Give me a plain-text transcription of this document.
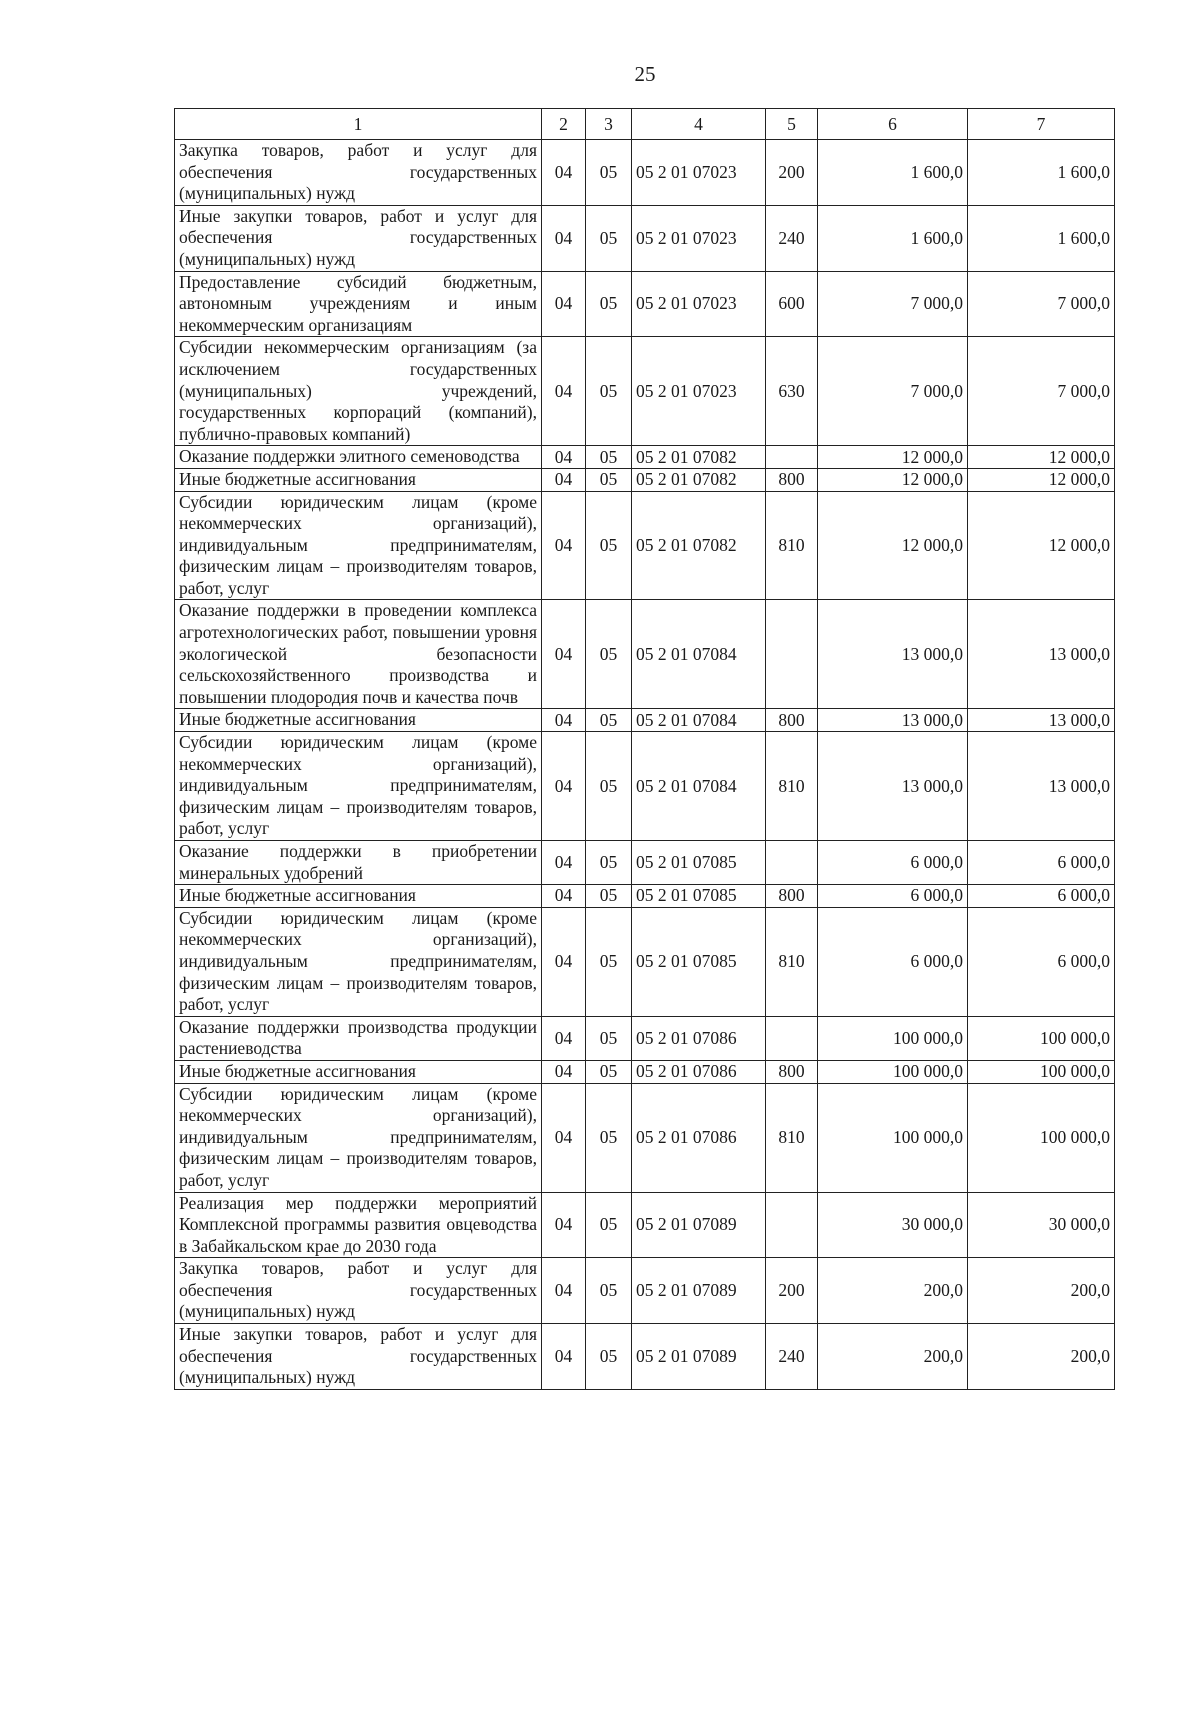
25
1	2	3	4	5	6	7
Закупка товаров, работ и услуг для обеспечения государственных (муниципальных) нужд	04	05	05 2 01 07023	200	1 600,0	1 600,0
Иные закупки товаров, работ и услуг для обеспечения государственных (муниципальных) нужд	04	05	05 2 01 07023	240	1 600,0	1 600,0
Предоставление субсидий бюджетным, автономным учреждениям и иным некоммерческим организациям	04	05	05 2 01 07023	600	7 000,0	7 000,0
Субсидии некоммерческим организациям (за исключением государственных (муниципальных) учреждений, государственных корпораций (компаний), публично-правовых компаний)	04	05	05 2 01 07023	630	7 000,0	7 000,0
Оказание поддержки элитного семеноводства	04	05	05 2 01 07082		12 000,0	12 000,0
Иные бюджетные ассигнования	04	05	05 2 01 07082	800	12 000,0	12 000,0
Субсидии юридическим лицам (кроме некоммерческих организаций), индивидуальным предпринимателям, физическим лицам – производителям товаров, работ, услуг	04	05	05 2 01 07082	810	12 000,0	12 000,0
Оказание поддержки в проведении комплекса агротехнологических работ, повышении уровня экологической безопасности сельскохозяйственного производства и повышении плодородия почв и качества почв	04	05	05 2 01 07084		13 000,0	13 000,0
Иные бюджетные ассигнования	04	05	05 2 01 07084	800	13 000,0	13 000,0
Субсидии юридическим лицам (кроме некоммерческих организаций), индивидуальным предпринимателям, физическим лицам – производителям товаров, работ, услуг	04	05	05 2 01 07084	810	13 000,0	13 000,0
Оказание поддержки в приобретении минеральных удобрений	04	05	05 2 01 07085		6 000,0	6 000,0
Иные бюджетные ассигнования	04	05	05 2 01 07085	800	6 000,0	6 000,0
Субсидии юридическим лицам (кроме некоммерческих организаций), индивидуальным предпринимателям, физическим лицам – производителям товаров, работ, услуг	04	05	05 2 01 07085	810	6 000,0	6 000,0
Оказание поддержки производства продукции растениеводства	04	05	05 2 01 07086		100 000,0	100 000,0
Иные бюджетные ассигнования	04	05	05 2 01 07086	800	100 000,0	100 000,0
Субсидии юридическим лицам (кроме некоммерческих организаций), индивидуальным предпринимателям, физическим лицам – производителям товаров, работ, услуг	04	05	05 2 01 07086	810	100 000,0	100 000,0
Реализация мер поддержки мероприятий Комплексной программы развития овцеводства в Забайкальском крае до 2030 года	04	05	05 2 01 07089		30 000,0	30 000,0
Закупка товаров, работ и услуг для обеспечения государственных (муниципальных) нужд	04	05	05 2 01 07089	200	200,0	200,0
Иные закупки товаров, работ и услуг для обеспечения государственных (муниципальных) нужд	04	05	05 2 01 07089	240	200,0	200,0
